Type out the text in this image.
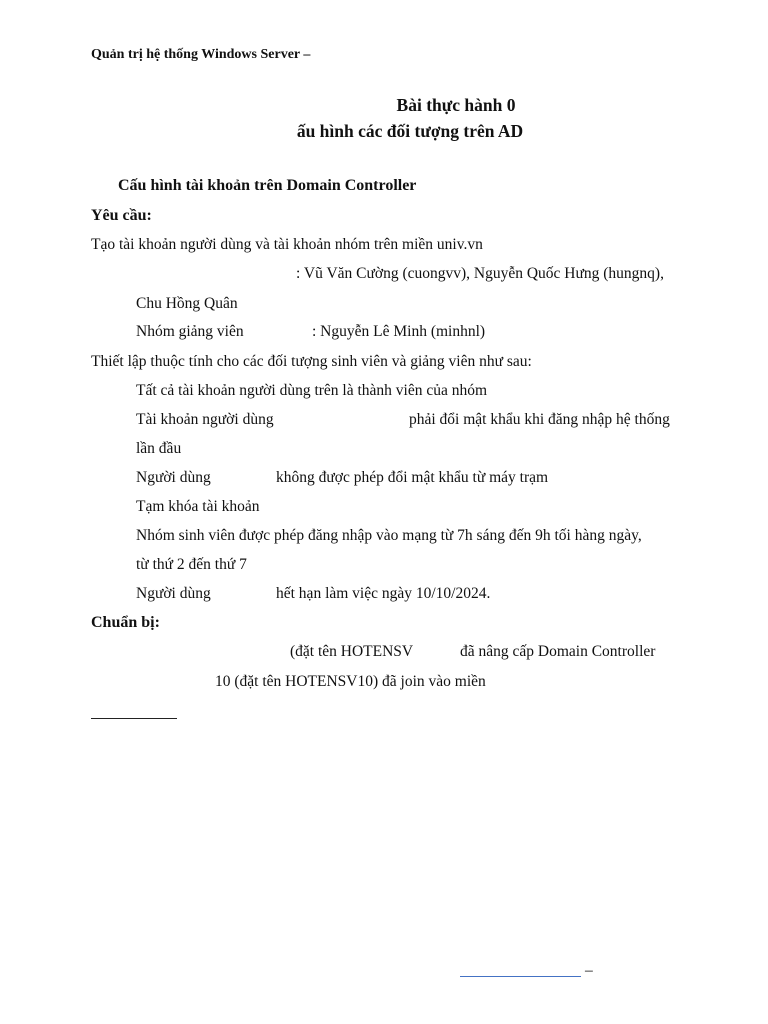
Quản trị hệ thống Windows Server –
Bài thực hành 0
ấu hình các đối tượng trên AD
Cấu hình tài khoản trên Domain Controller
Yêu cầu:
Tạo tài khoản người dùng và tài khoản nhóm trên miền univ.vn
: Vũ Văn Cường (cuongvv), Nguyễn Quốc Hưng (hungnq),
Chu Hồng Quân
Nhóm giảng viên	: Nguyễn Lê Minh (minhnl)
Thiết lập thuộc tính cho các đối tượng sinh viên và giảng viên như sau:
Tất cả tài khoản người dùng trên là thành viên của nhóm
Tài khoản người dùng	phải đổi mật khẩu khi đăng nhập hệ thống
lần đầu
Người dùng	không được phép đổi mật khẩu từ máy trạm
Tạm khóa tài khoản
Nhóm sinh viên được phép đăng nhập vào mạng từ 7h sáng đến 9h tối hàng ngày,
từ thứ 2 đến thứ 7
Người dùng	hết hạn làm việc ngày 10/10/2024.
Chuẩn bị:
(đặt tên HOTENSV	đã nâng cấp Domain Controller
10 (đặt tên HOTENSV10) đã join vào miền
–
